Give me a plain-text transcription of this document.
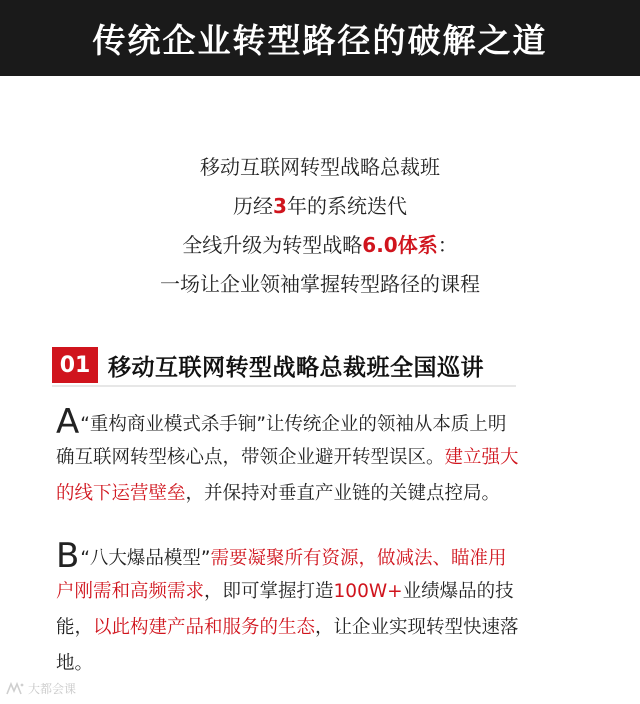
传统企业转型路径的破解之道
移动互联网转型战略总裁班
历经3年的系统迭代
全线升级为转型战略6.0体系：
一场让企业领袖掌握转型路径的课程
01 移动互联网转型战略总裁班全国巡讲
A“重构商业模式杀手锏”让传统企业的领袖从本质上明
确互联网转型核心点，带领企业避开转型误区。建立强大
的线下运营壁垒，并保持对垂直产业链的关键点控局。
B“八大爆品模型”需要凝聚所有资源，做减法、瞄准用
户刚需和高频需求，即可掌握打造100W+业绩爆品的技
能，以此构建产品和服务的生态，让企业实现转型快速落
地。
大都会课
